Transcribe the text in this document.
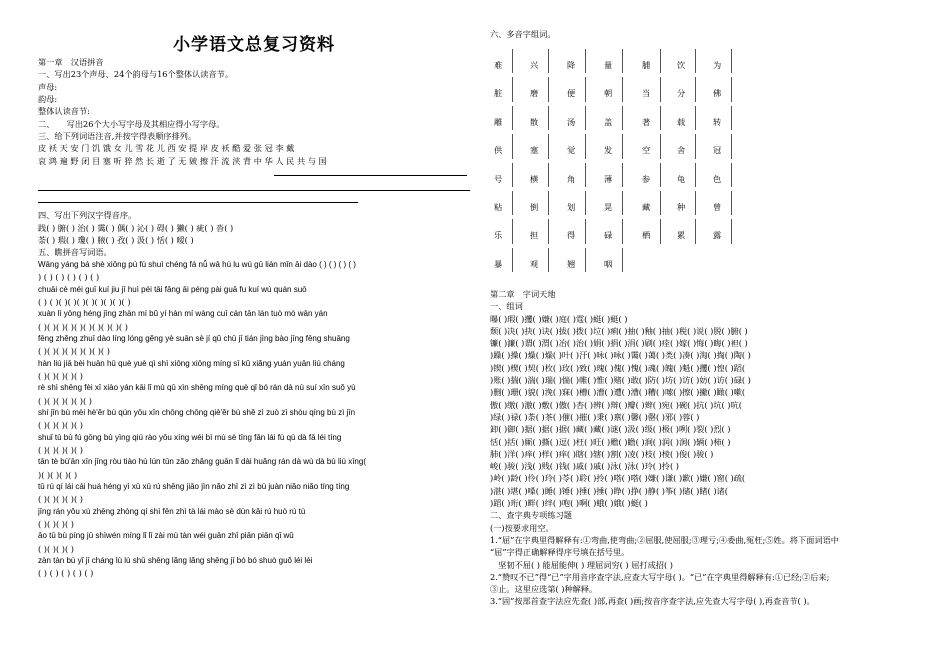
小学语文总复习资料
第一章　汉语拼音
一、写出23个声母、24个韵母与16个整体认读音节。
声母:
韵母:
整体认读音节:
二、　　写出26个大小写字母及其相应得小写字母。
三、给下列词语注音,并按字得表顺序排列。
皮 袄 天 安 门 饥 饿 女 儿 雪 花 儿 西 安 提 岸 皮 袄 酷 爱 张 冠 李 戴
哀 鸿 遍 野 闭 目 塞 听 猝 然 长 逝 了 无 皴 擦 汗 流 浃 背 中 华 人 民 共 与 国
四、写出下列汉字得音序。
践( ) 腑( ) 治( ) 霭( ) 偶( ) 沁( ) 碍( ) 獭( ) 疵( ) 沓( )
荼( ) 瑕( ) 瓊( ) 腋( ) 孜( ) 汲( ) 恬( ) 暧( )
五、瞧拼音写词语。
Wāng yáng bá shè xiōng pú fù shuì chéng fá nǚ wā hú lu wú gū lián mǐn āi dào ( ) ( ) ( ) ( )
) ( ) ( ) ( ) ( ) ( )
chuāi cè méi guī kuí jiu jī huì péi tāi fāng āi péng pài guā fu kuí wú quán suō
( ) ( )( )( )( )( )( )( )( )( )
xuàn lì yōng héng jīng zhàn mí bǔ yí hàn mí wàng cuī cán tān lán tuò mò wān yán
( )( )( )( )( )( )( )( )( )( )
fēng zhěng zhuī dào líng lóng gěng yè suān sè jí qǔ chū jī tián jìng bào jīng fēng shuāng
( )( )( )( )( )( )( )( )
hàn liú jiā bèi huān hū què yuè qì shì xiōng xiōng míng sī kǔ xiǎng yuán yuān liú cháng
( )( )( )( )( )
rè shì shēng fèi xī xiào yán kāi lǐ mù qū xìn shēng míng què qǐ bó rán dà nù suí xīn suǒ yù
( )( )( )( )( )( )
shí jǐn bù mèi hè'ěr bù qún yōu xīn chōng chōng qiè'ěr bù shě zì zuò zì shòu qíng bù zì jīn
( )( )( )( )( )
shuǐ tù bù fú gōng bù yìng qiú rào yōu xíng wéi bì mù sè tīng fān lái fù qù dà fā léi tíng
( )( )( )( )( )
tān tè bù'ān xīn jīng ròu tiào hù lún tūn zǎo zhǎng guān lǐ dài huǎng rán dà wù dà bù liú xīng(
)( )( )( )( )
tū rú qí lái cái huá héng yì xū xū rú shēng jiāo jìn nǎo zhī zì zì bù juàn niǎo niǎo tíng tíng
( )( )( )( )( )
jīng rán yǒu xù zhēng zhòng qí shì fēn zhì tà lái mào sè dùn kāi rú huò rú tù
( )( )( )( )
āo tū bù píng jū shìwén míng lǐ lǐ zài mù tàn wéi guān zhǐ piān piān qǐ wǔ
( )( )( )( )
zàn tàn bù yǐ jī cháng lù lù shū shēng lǎng lǎng shēng jī bó bó shuò guǒ léi léi
( ) ( ) ( ) ( ) ( )
六、多音字组词。
难	兴	降	量	脯	饮	为
脏	磨	便	朝	当	分	佛
雕	散	汤	盖	著	载	转
供	塞	觉	发	空	舍	冠
号	横	角	薄	参	龟	色
粘	倒	划	晃	藏	种	曾
乐	担	得	碌	栖	累	露
暴	观	翘	咽
第二章　字词天地
一、组词
曝( )瑕( )攫( )嫌( )庭( )霆( )蜓( )蜓( )
颓( )决( )抉( )诀( )拔( )拨( )垃( )痢( )抽( )釉( )抽( )税( )说( )脱( )腑( )
镰( )濂( )谓( )渭( )冶( )治( )娟( )捐( )涓( )刷( )痊( )嫁( )悔( )晦( )袒( )
)躁( )操( )燥( )燥( )叶( )汗( )咏( )咏( )霭( )蔼( )类( )凑( )淘( )掏( )陶( )
)锲( )楔( )契( )枚( )玫( )致( )瑰( )傀( )愧( )魂( )魄( )魁( )攫( )惶( )蹈(
)账( )揣( )湍( )瑞( )惴( )帷( )惟( )赌( )敢( )防( )坊( )访( )妨( )访( )碌( )
)删( )珊( )貌( )浼( )寐( )槽( )漕( )遭( )漕( )糟( )嗦( )擦( )撇( )瞰( )嗽(
傲( )缴( )激( )敷( )傲( )杏( )辨( )辩( )瓣( )辫( )宛( )碗( )抗( )坑( )吭(
)绿( )禄( )荼( )茶( )催( )摧( )秉( )禀( )馨( )罄( )邪( )蓉( )
卸( )御( )据( )据( )据( )藏( )藏( )谜( )汲( )级( )极( )咧( )裂( )烈( )
恬( )括( )厮( )撕( )逗( )枉( )旺( )赡( )瞻( )涧( )润( )涧( )辆( )柿( )
肺( )洋( )痒( )样( )痒( )瞎( )辖( )割( )凌( )枝( )棱( )俊( )骏( )
峻( )骏( )浅( )贱( )钱( )戚( )戚( )泳( )泳( )玲( )拎( )
)岭( )龄( )伶( )玲( )苓( )聆( )拎( )嗒( )嗒( )嫌( )谦( )歉( )嫌( )窗( )疏(
)湛( )堪( )嗓( )睡( )锤( )捶( )捶( )睁( )挣( )静( )筝( )储( )睹( )诸(
)蹈( )珩( )畔( )绊( )咆( )啊( )蛾( )娥( )蜓( )
二、查字典专项练习题
(一)按要求用空。
1.“屈”在字典里得解释有:①弯曲,使弯曲;②屈服,使屈服;③理亏;④委曲,冤枉;⑤姓。将下面词语中
“屈”字得正确解释得序号填在括号里。
　坚韧不屈( ) 能屈能伸( ) 理屈词穷( ) 屈打成招( )
2.“赞叹不已”得“已”字用音序查字法,应查大写字母( )。“已”在字典里得解释有:①已经;②后来;
③止。这里应选第( )种解释。
3.“固”按部首查字法应先查( )部,再查( )画;按音序查字法,应先查大写字母( ),再查音节( )。
